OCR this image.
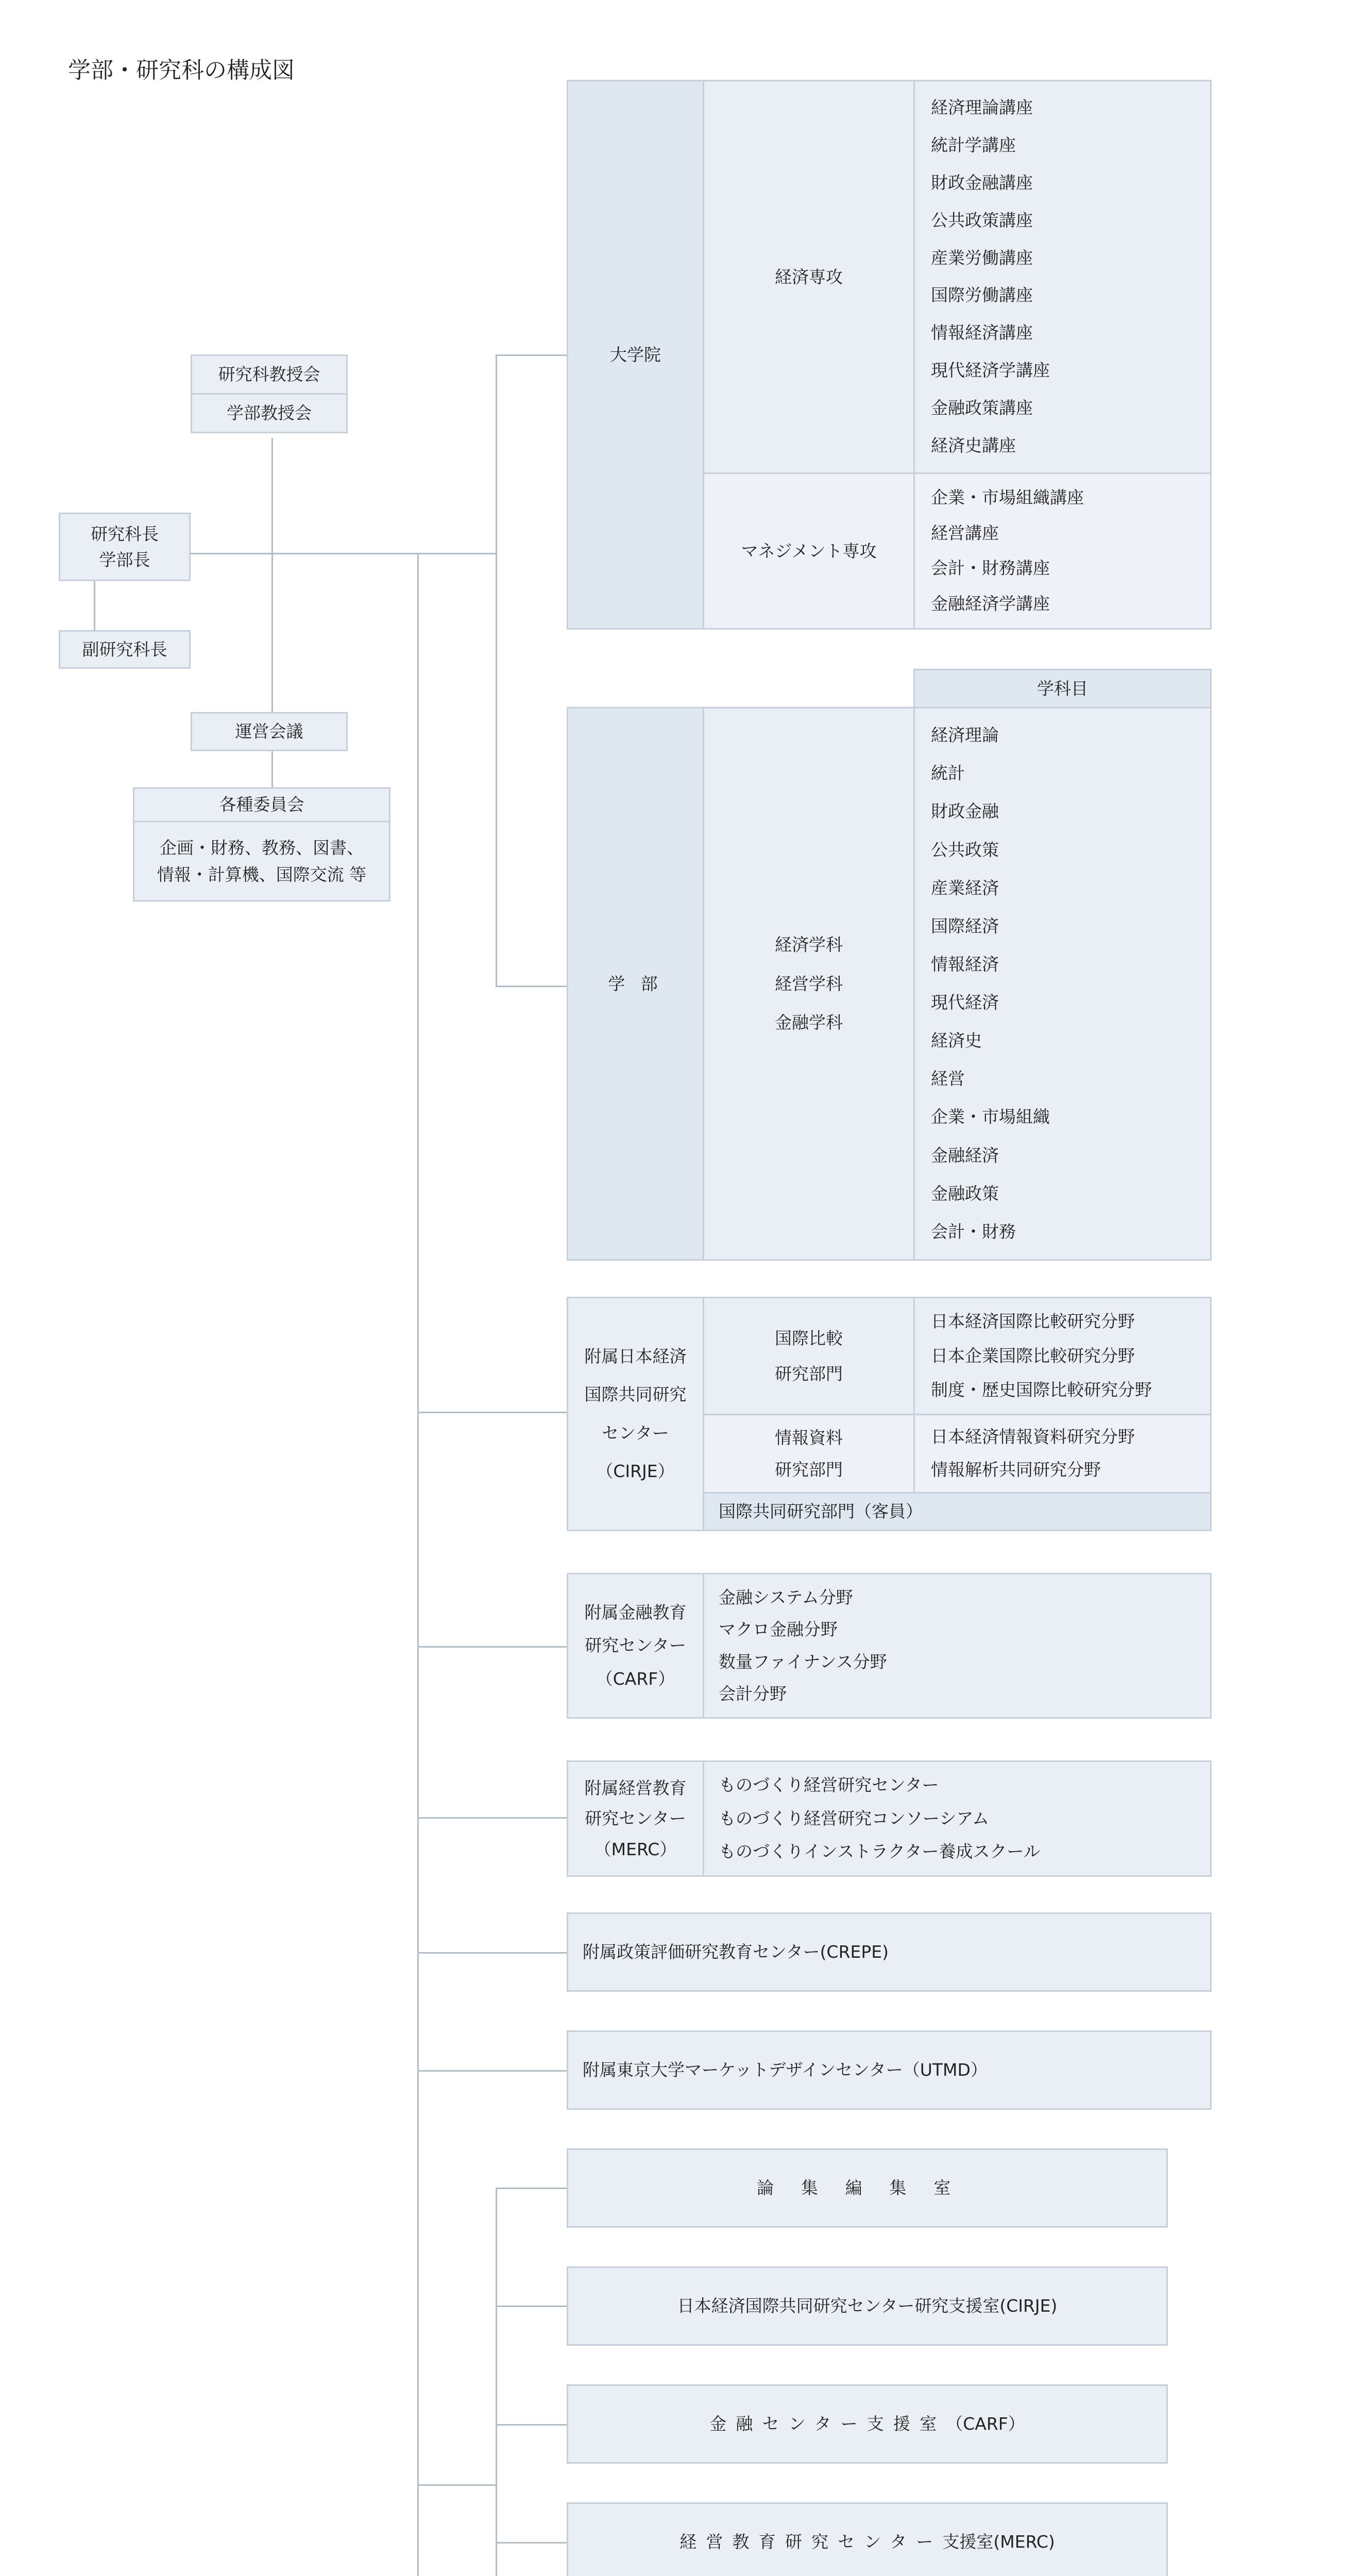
学部・研究科の構成図
研究科教授会
学部教授会
研究科長
学部長
副研究科長
運営会議
各種委員会
企画・財務、教務、図書、
情報・計算機、国際交流 等
大学院
経済専攻
マネジメント専攻
経済理論講座
統計学講座
財政金融講座
公共政策講座
産業労働講座
国際労働講座
情報経済講座
現代経済学講座
金融政策講座
経済史講座
企業・市場組織講座
経営講座
会計・財務講座
金融経済学講座
学科目
学 部
経済学科
経営学科
金融学科
経済理論
統計
財政金融
公共政策
産業経済
国際経済
情報経済
現代経済
経済史
経営
企業・市場組織
金融経済
金融政策
会計・財務
附属日本経済
国際共同研究
センター
（CIRJE）
国際比較
研究部門
日本経済国際比較研究分野
日本企業国際比較研究分野
制度・歴史国際比較研究分野
情報資料
研究部門
日本経済情報資料研究分野
情報解析共同研究分野
国際共同研究部門（客員）
附属金融教育
研究センター
（CARF）
金融システム分野
マクロ金融分野
数量ファイナンス分野
会計分野
附属経営教育
研究センター
（MERC）
ものづくり経営研究センター
ものづくり経営研究コンソーシアム
ものづくりインストラクター養成スクール
附属政策評価研究教育センター(CREPE)
附属東京大学マーケットデザインセンター（UTMD）
論集編集室
日本経済国際共同研究センター研究支援室(CIRJE)
金融センター支援室 （CARF）
経営教育研究センター 支援室(MERC)
